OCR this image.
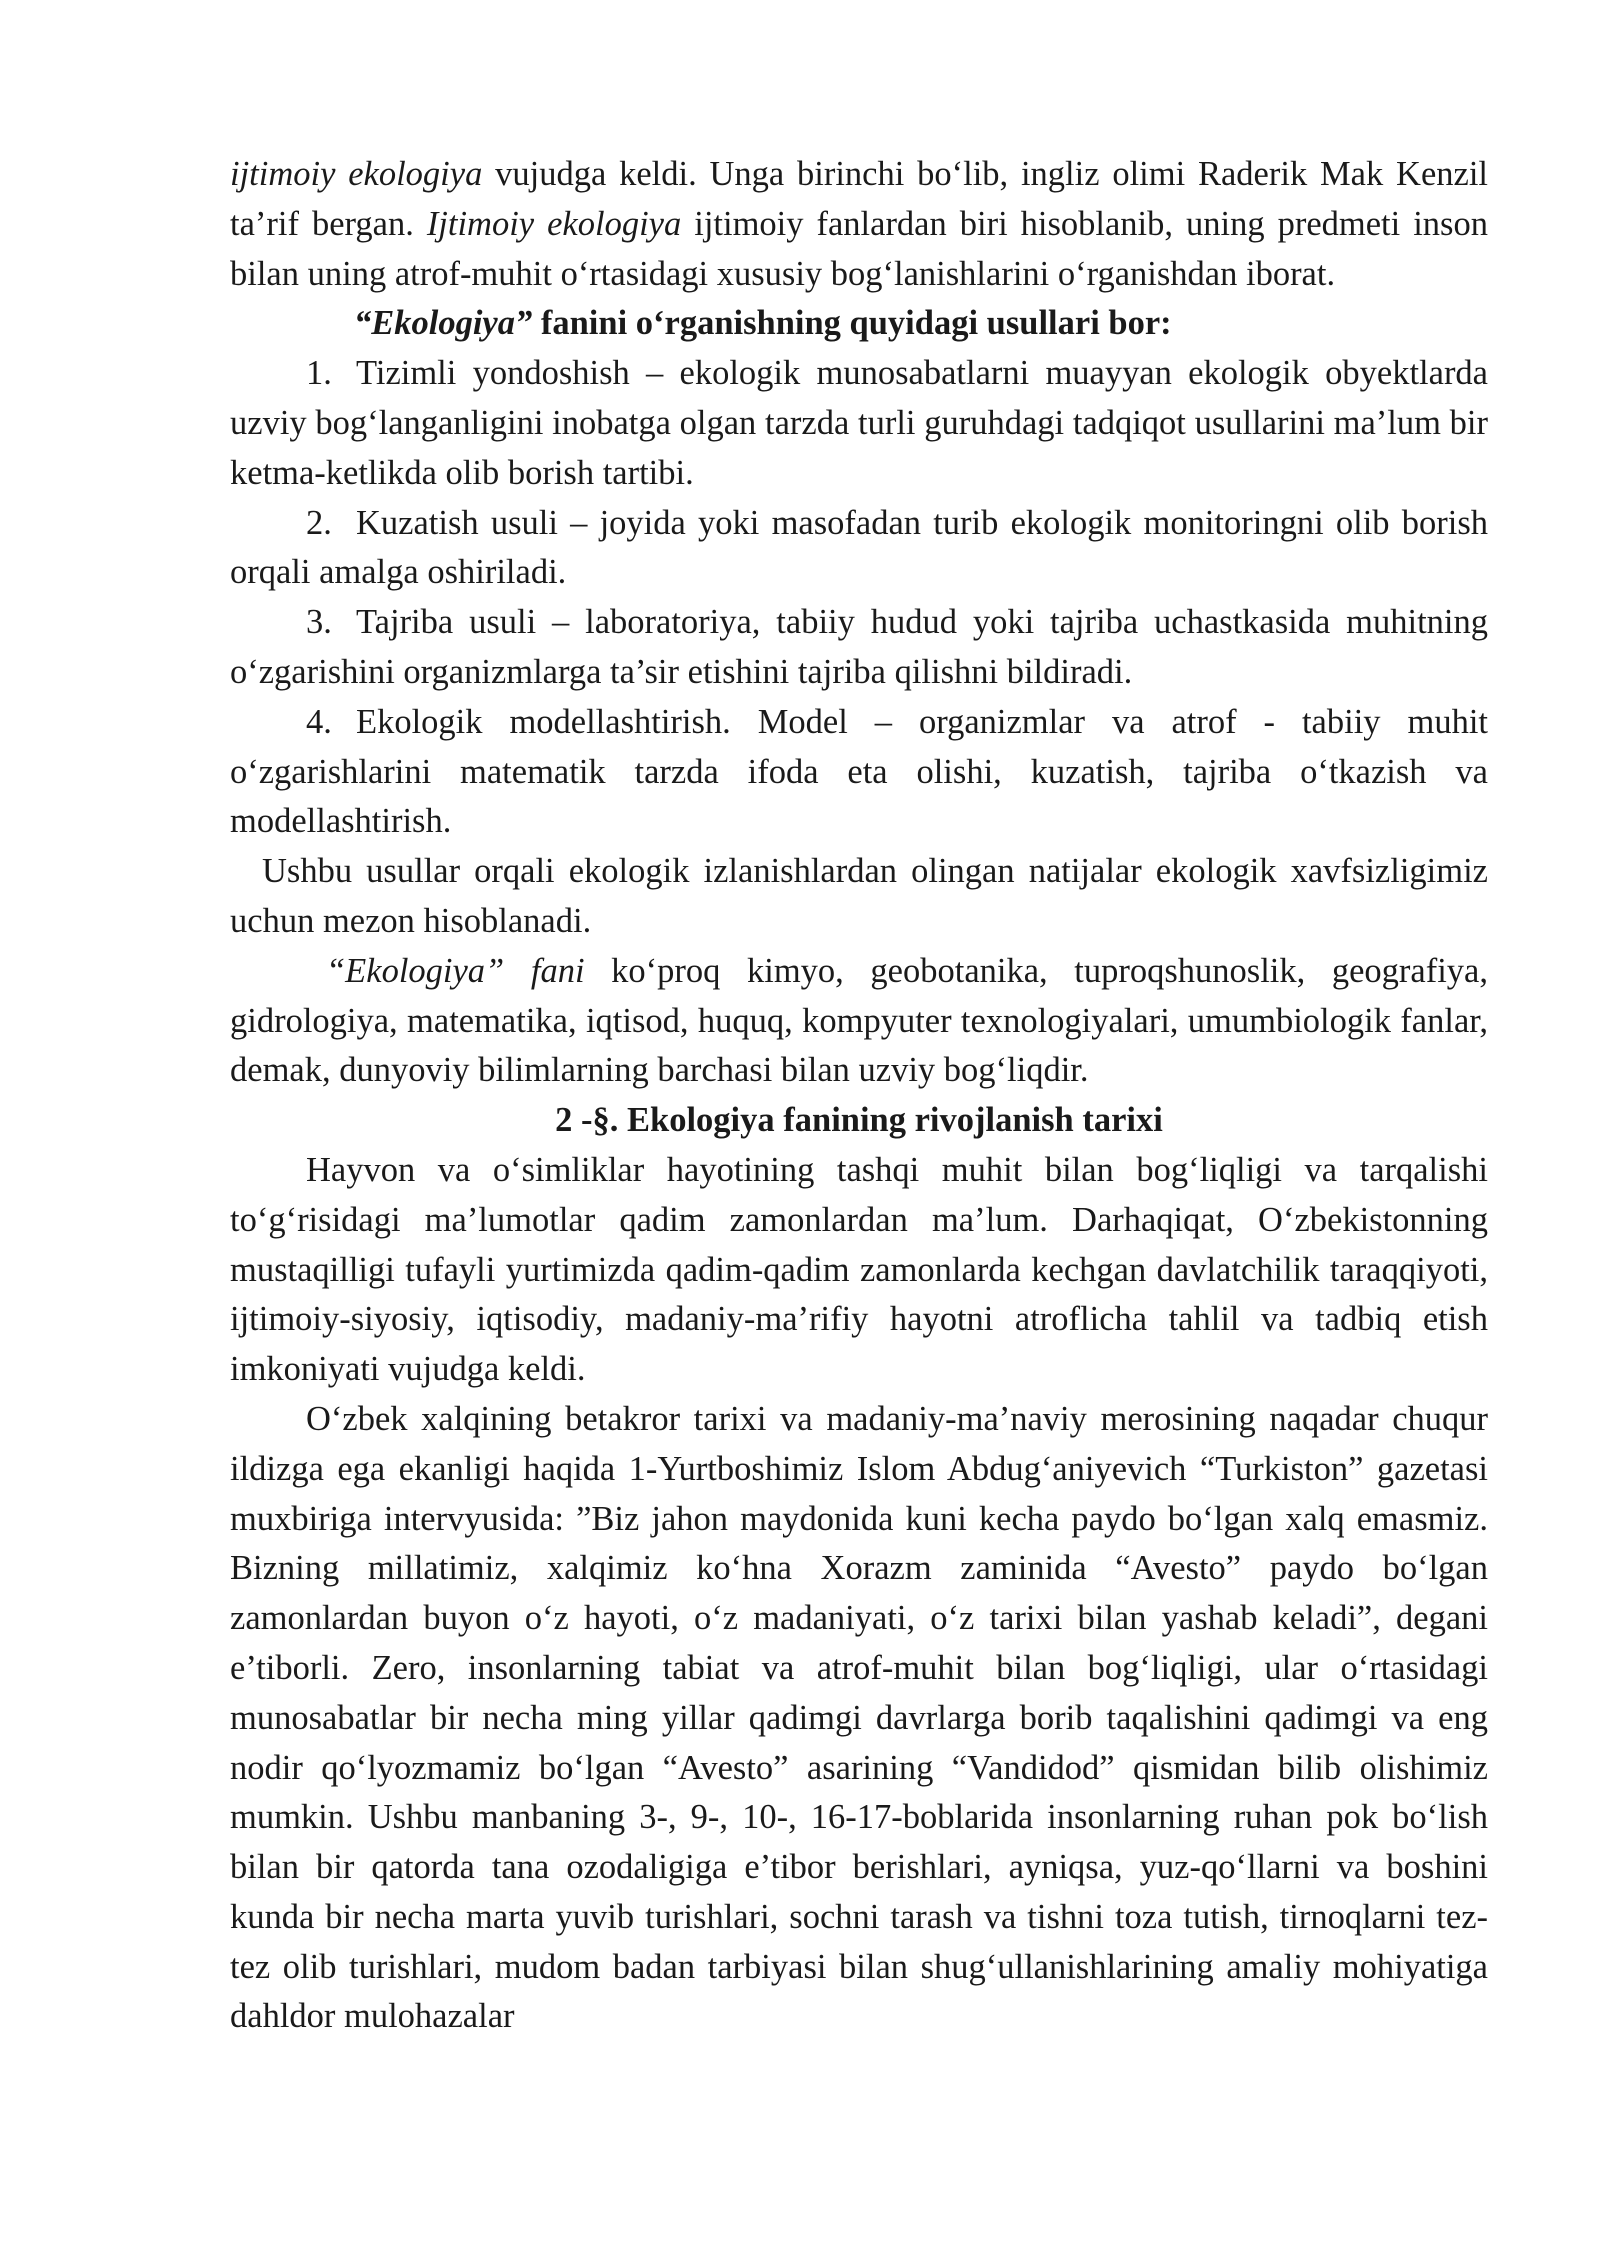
ijtimoiy ekologiya vujudga keldi. Unga birinchi bo‘lib, ingliz olimi Raderik Mak Kenzil ta’rif bergan. Ijtimoiy ekologiya ijtimoiy fanlardan biri hisoblanib, uning predmeti inson bilan uning atrof-muhit o‘rtasidagi xususiy bog‘lanishlarini o‘rganishdan iborat.

“Ekologiya” fanini o‘rganishning quyidagi usullari bor:

1. Tizimli yondoshish – ekologik munosabatlarni muayyan ekologik obyektlarda uzviy bog‘langanligini inobatga olgan tarzda turli guruhdagi tadqiqot usullarini ma’lum bir ketma-ketlikda olib borish tartibi.

2. Kuzatish usuli – joyida yoki masofadan turib ekologik monitoringni olib borish orqali amalga oshiriladi.

3. Tajriba usuli – laboratoriya, tabiiy hudud yoki tajriba uchastkasida muhitning o‘zgarishini organizmlarga ta’sir etishini tajriba qilishni bildiradi.

4. Ekologik modellashtirish. Model – organizmlar va atrof - tabiiy muhit o‘zgarishlarini matematik tarzda ifoda eta olishi, kuzatish, tajriba o‘tkazish va modellashtirish.

Ushbu usullar orqali ekologik izlanishlardan olingan natijalar ekologik xavfsizligimiz uchun mezon hisoblanadi.

“Ekologiya” fani ko‘proq kimyo, geobotanika, tuproqshunoslik, geografiya, gidrologiya, matematika, iqtisod, huquq, kompyuter texnologiyalari, umumbiologik fanlar, demak, dunyoviy bilimlarning barchasi bilan uzviy bog‘liqdir.

2 -§. Ekologiya fanining rivojlanish tarixi

Hayvon va o‘simliklar hayotining tashqi muhit bilan bog‘liqligi va tarqalishi to‘g‘risidagi ma’lumotlar qadim zamonlardan ma’lum. Darhaqiqat, O‘zbekistonning mustaqilligi tufayli yurtimizda qadim-qadim zamonlarda kechgan davlatchilik taraqqiyoti, ijtimoiy-siyosiy, iqtisodiy, madaniy-ma’rifiy hayotni atroflicha tahlil va tadbiq etish imkoniyati vujudga keldi.

O‘zbek xalqining betakror tarixi va madaniy-ma’naviy merosining naqadar chuqur ildizga ega ekanligi haqida 1-Yurtboshimiz Islom Abdug‘aniyevich “Turkiston” gazetasi muxbiriga intervyusida: ”Biz jahon maydonida kuni kecha paydo bo‘lgan xalq emasmiz. Bizning millatimiz, xalqimiz ko‘hna Xorazm zaminida “Avesto” paydo bo‘lgan zamonlardan buyon o‘z hayoti, o‘z madaniyati, o‘z tarixi bilan yashab keladi”, degani e’tiborli. Zero, insonlarning tabiat va atrof-muhit bilan bog‘liqligi, ular o‘rtasidagi munosabatlar bir necha ming yillar qadimgi davrlarga borib taqalishini qadimgi va eng nodir qo‘lyozmamiz bo‘lgan “Avesto” asarining “Vandidod” qismidan bilib olishimiz mumkin. Ushbu manbaning 3-, 9-, 10-, 16-17-boblarida insonlarning ruhan pok bo‘lish bilan bir qatorda tana ozodaligiga e’tibor berishlari, ayniqsa, yuz-qo‘llarni va boshini kunda bir necha marta yuvib turishlari, sochni tarash va tishni toza tutish, tirnoqlarni tez-tez olib turishlari, mudom badan tarbiyasi bilan shug‘ullanishlarining amaliy mohiyatiga dahldor mulohazalar
